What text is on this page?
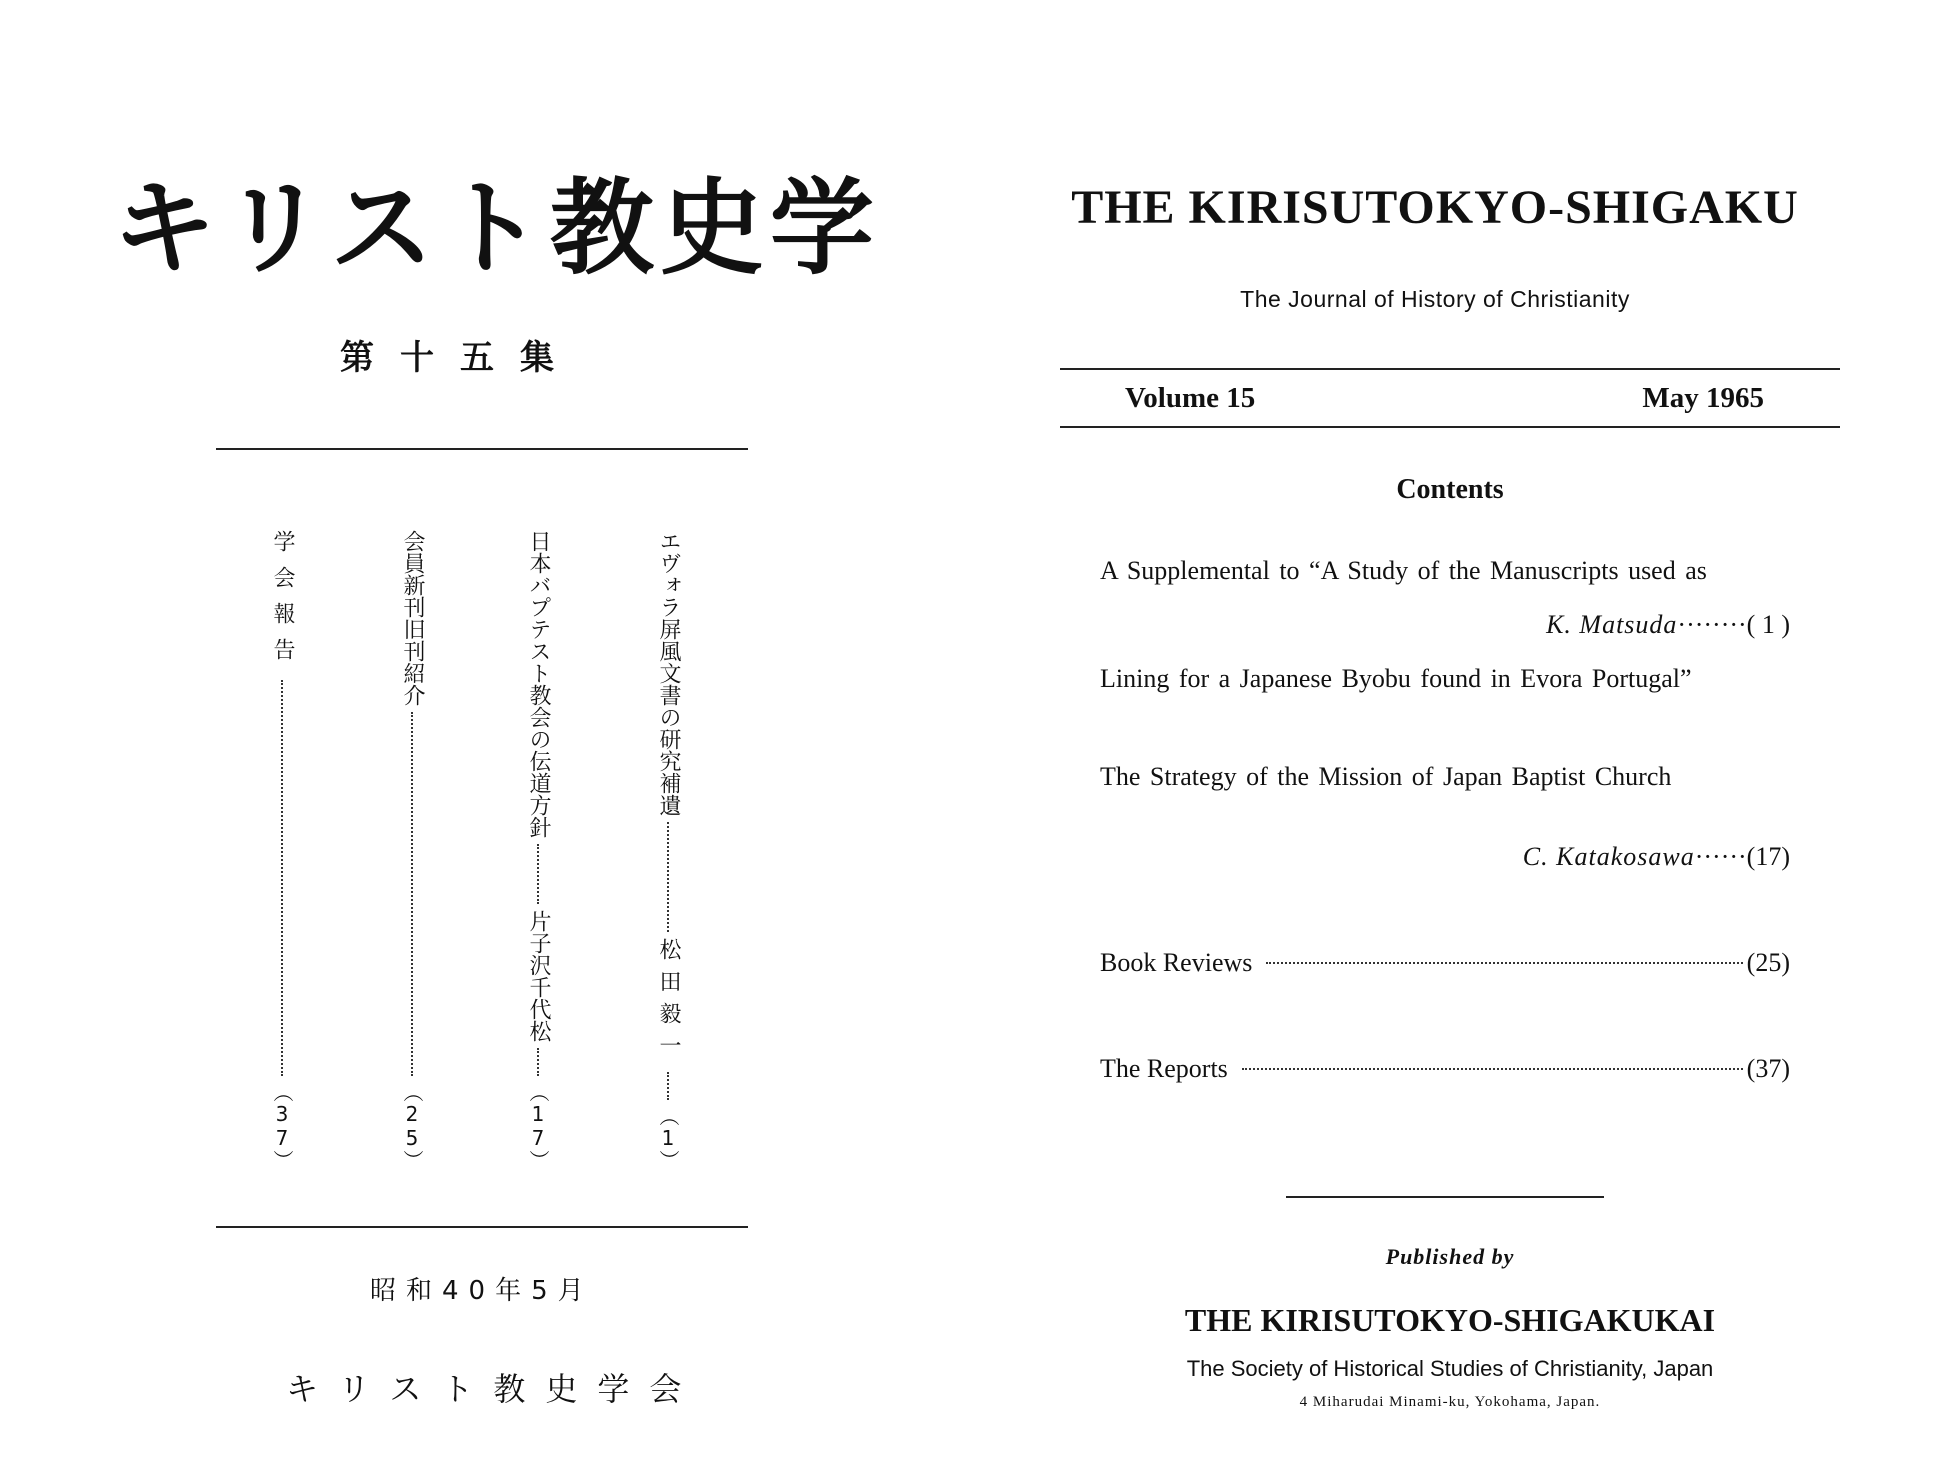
キリスト教史学
第十五集
エヴォラ屏風文書の研究補遺
松田毅一
︵1︶
日本バプテスト教会の伝道方針
片子沢千代松
︵17︶
会員新刊旧刊紹介
︵25︶
学会報告
︵37︶
昭和40年5月
キリスト教史学会
THE KIRISUTOKYO-SHIGAKU
The Journal of History of Christianity
Volume 15	May 1965
Contents
A Supplemental to “A Study of the Manuscripts used as
K. Matsuda········( 1 )
Lining for a Japanese Byobu found in Evora Portugal”
The Strategy of the Mission of Japan Baptist Church
C. Katakosawa······(17)
Book Reviews	(25)
The Reports	(37)
Published by
THE KIRISUTOKYO-SHIGAKUKAI
The Society of Historical Studies of Christianity, Japan
4 Miharudai Minami-ku, Yokohama, Japan.
